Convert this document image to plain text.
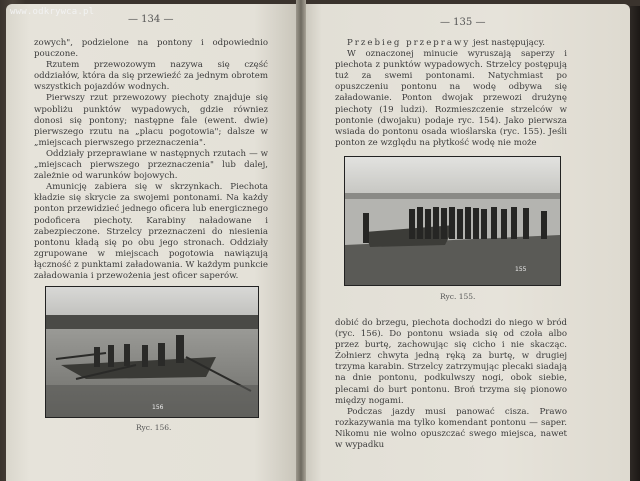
www.odkrywca.pl
— 134 —

zowych", podzielone na pontony i odpowiednio pouczone.

Rzutem przewozowym nazywa się część oddziałów, która da się przewieźć za jednym obrotem wszystkich pojazdów wodnych.

Pierwszy rzut przewozowy piechoty znajduje się wpobliżu punktów wypadowych, gdzie równiez donosi się pontony; następne fale (ewent. dwie) pierwszego rzutu na „placu pogotowia"; dalsze w „miejscach pierwszego przeznaczenia".

Oddziały przeprawiane w następnych rzutach — w „miejscach pierwszego przeznaczenia" lub dalej, zależnie od warunków bojowych.

Amunicję zabiera się w skrzynkach. Piechota kładzie się skrycie za swojemi pontonami. Na każdy ponton przewidzieć jednego oficera lub energicznego podoficera piechoty. Karabiny naładowane i zabezpieczone. Strzelcy przeznaczeni do niesienia pontonu kładą się po obu jego stronach. Oddziały zgrupowane w miejscach pogotowia nawiązują łączność z punktami załadowania. W każdym punkcie załadowania i przewożenia jest oficer saperów.

156
Ryc. 156.
— 135 —

Przebieg przeprawy jest następujący.

W oznaczonej minucie wyruszają saperzy i piechota z punktów wypadowych. Strzelcy postępują tuż za swemi pontonami. Natychmiast po opuszczeniu pontonu na wodę odbywa się załadowanie. Ponton dwojak przewozi drużynę piechoty (19 ludzi). Rozmieszczenie strzelców w pontonie (dwojaku) podaje ryc. 154). Jako pierwsza wsiada do pontonu osada wioślarska (ryc. 155). Jeśli ponton ze względu na płytkość wodę nie może

155
Ryc. 155.

dobić do brzegu, piechota dochodzi do niego w bród (ryc. 156). Do pontonu wsiada się od czoła albo przez burtę, zachowując się cicho i nie skacząc. Żołnierz chwyta jedną ręką za burtę, w drugiej trzyma karabin. Strzelcy zatrzymując plecaki siadają na dnie pontonu, podkulwszy nogi, obok siebie, plecami do burt pontonu. Broń trzyma się pionowo między nogami.

Podczas jazdy musi panować cisza. Prawo rozkazywania ma tylko komendant pontonu — saper. Nikomu nie wolno opuszczać swego miejsca, nawet w wypadku
